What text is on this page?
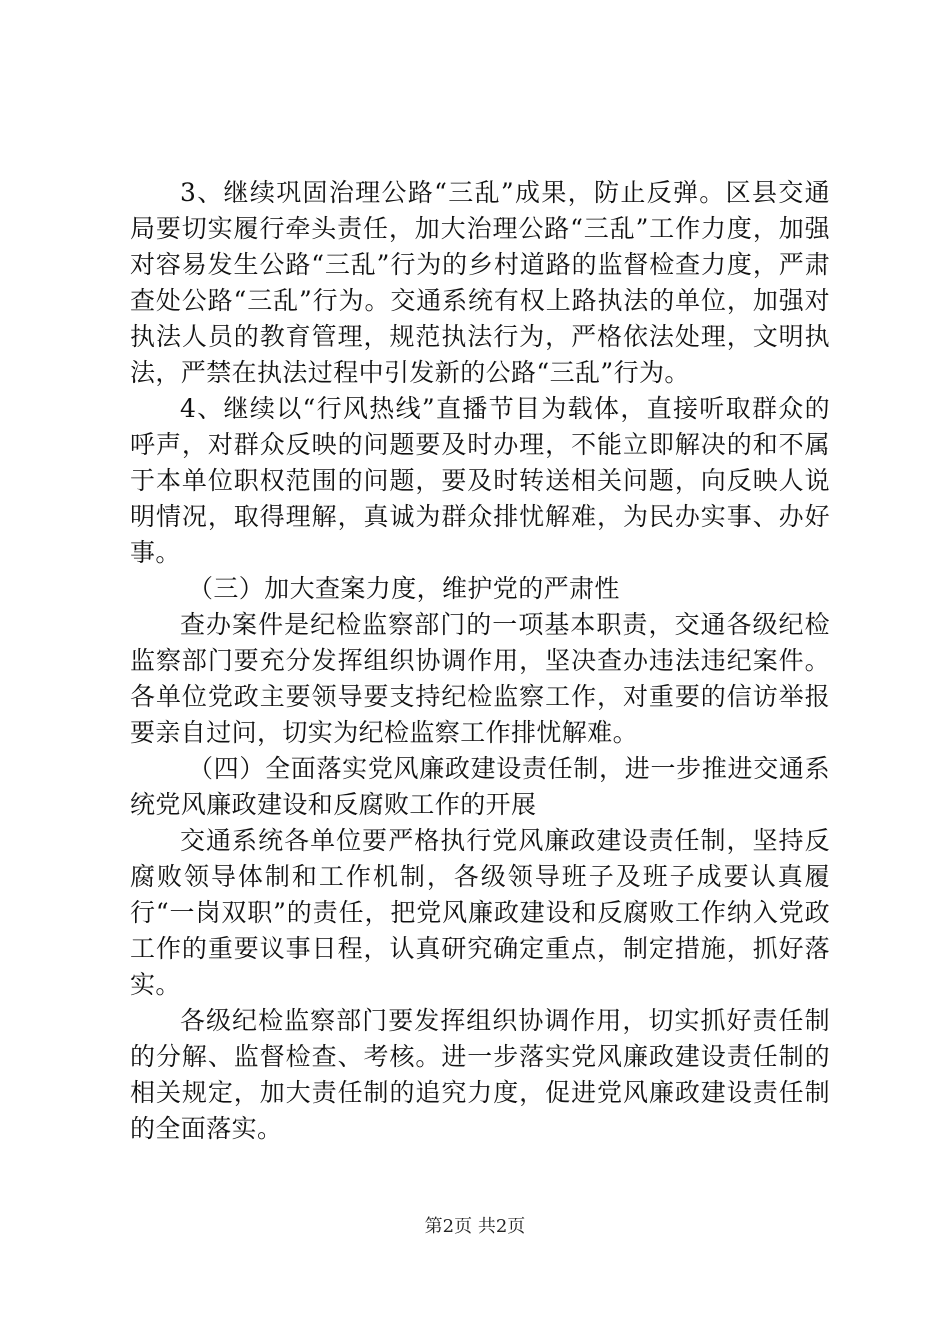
3、继续巩固治理公路“三乱”成果，防止反弹。区县交通局要切实履行牵头责任，加大治理公路“三乱”工作力度，加强对容易发生公路“三乱”行为的乡村道路的监督检查力度，严肃查处公路“三乱”行为。交通系统有权上路执法的单位，加强对执法人员的教育管理，规范执法行为，严格依法处理，文明执法，严禁在执法过程中引发新的公路“三乱”行为。

4、继续以“行风热线”直播节目为载体，直接听取群众的呼声，对群众反映的问题要及时办理，不能立即解决的和不属于本单位职权范围的问题，要及时转送相关问题，向反映人说明情况，取得理解，真诚为群众排忧解难，为民办实事、办好事。

（三）加大查案力度，维护党的严肃性

查办案件是纪检监察部门的一项基本职责，交通各级纪检监察部门要充分发挥组织协调作用，坚决查办违法违纪案件。各单位党政主要领导要支持纪检监察工作，对重要的信访举报要亲自过问，切实为纪检监察工作排忧解难。

（四）全面落实党风廉政建设责任制，进一步推进交通系统党风廉政建设和反腐败工作的开展

交通系统各单位要严格执行党风廉政建设责任制，坚持反腐败领导体制和工作机制，各级领导班子及班子成要认真履行“一岗双职”的责任，把党风廉政建设和反腐败工作纳入党政工作的重要议事日程，认真研究确定重点，制定措施，抓好落实。

各级纪检监察部门要发挥组织协调作用，切实抓好责任制的分解、监督检查、考核。进一步落实党风廉政建设责任制的相关规定，加大责任制的追究力度，促进党风廉政建设责任制的全面落实。

第2页 共2页
